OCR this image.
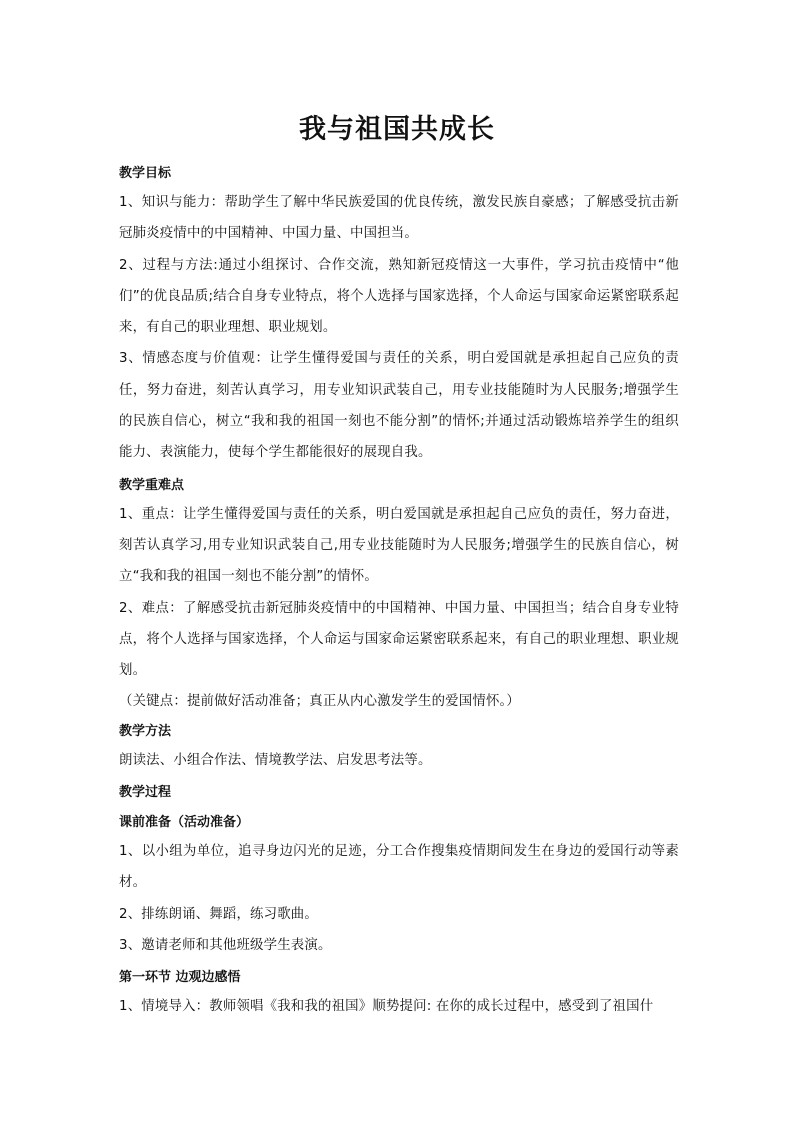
我与祖国共成长

教学目标

1、知识与能力：帮助学生了解中华民族爱国的优良传统，激发民族自豪感；了解感受抗击新冠肺炎疫情中的中国精神、中国力量、中国担当。

2、过程与方法:通过小组探讨、合作交流，熟知新冠疫情这一大事件，学习抗击疫情中“他们”的优良品质;结合自身专业特点，将个人选择与国家选择，个人命运与国家命运紧密联系起来，有自己的职业理想、职业规划。

3、情感态度与价值观：让学生懂得爱国与责任的关系，明白爱国就是承担起自己应负的责任，努力奋进，刻苦认真学习，用专业知识武装自己，用专业技能随时为人民服务;增强学生的民族自信心，树立“我和我的祖国一刻也不能分割”的情怀;并通过活动锻炼培养学生的组织能力、表演能力，使每个学生都能很好的展现自我。

教学重难点

1、重点：让学生懂得爱国与责任的关系，明白爱国就是承担起自己应负的责任，努力奋进，刻苦认真学习,用专业知识武装自己,用专业技能随时为人民服务;增强学生的民族自信心，树立“我和我的祖国一刻也不能分割”的情怀。

2、难点：了解感受抗击新冠肺炎疫情中的中国精神、中国力量、中国担当；结合自身专业特点，将个人选择与国家选择，个人命运与国家命运紧密联系起来，有自己的职业理想、职业规划。

（关键点：提前做好活动准备；真正从内心激发学生的爱国情怀。）

教学方法

朗读法、小组合作法、情境教学法、启发思考法等。

教学过程

课前准备（活动准备）

1、以小组为单位，追寻身边闪光的足迹，分工合作搜集疫情期间发生在身边的爱国行动等素材。

2、排练朗诵、舞蹈，练习歌曲。

3、邀请老师和其他班级学生表演。

第一环节 边观边感悟

1、情境导入：教师领唱《我和我的祖国》顺势提问: 在你的成长过程中，感受到了祖国什
